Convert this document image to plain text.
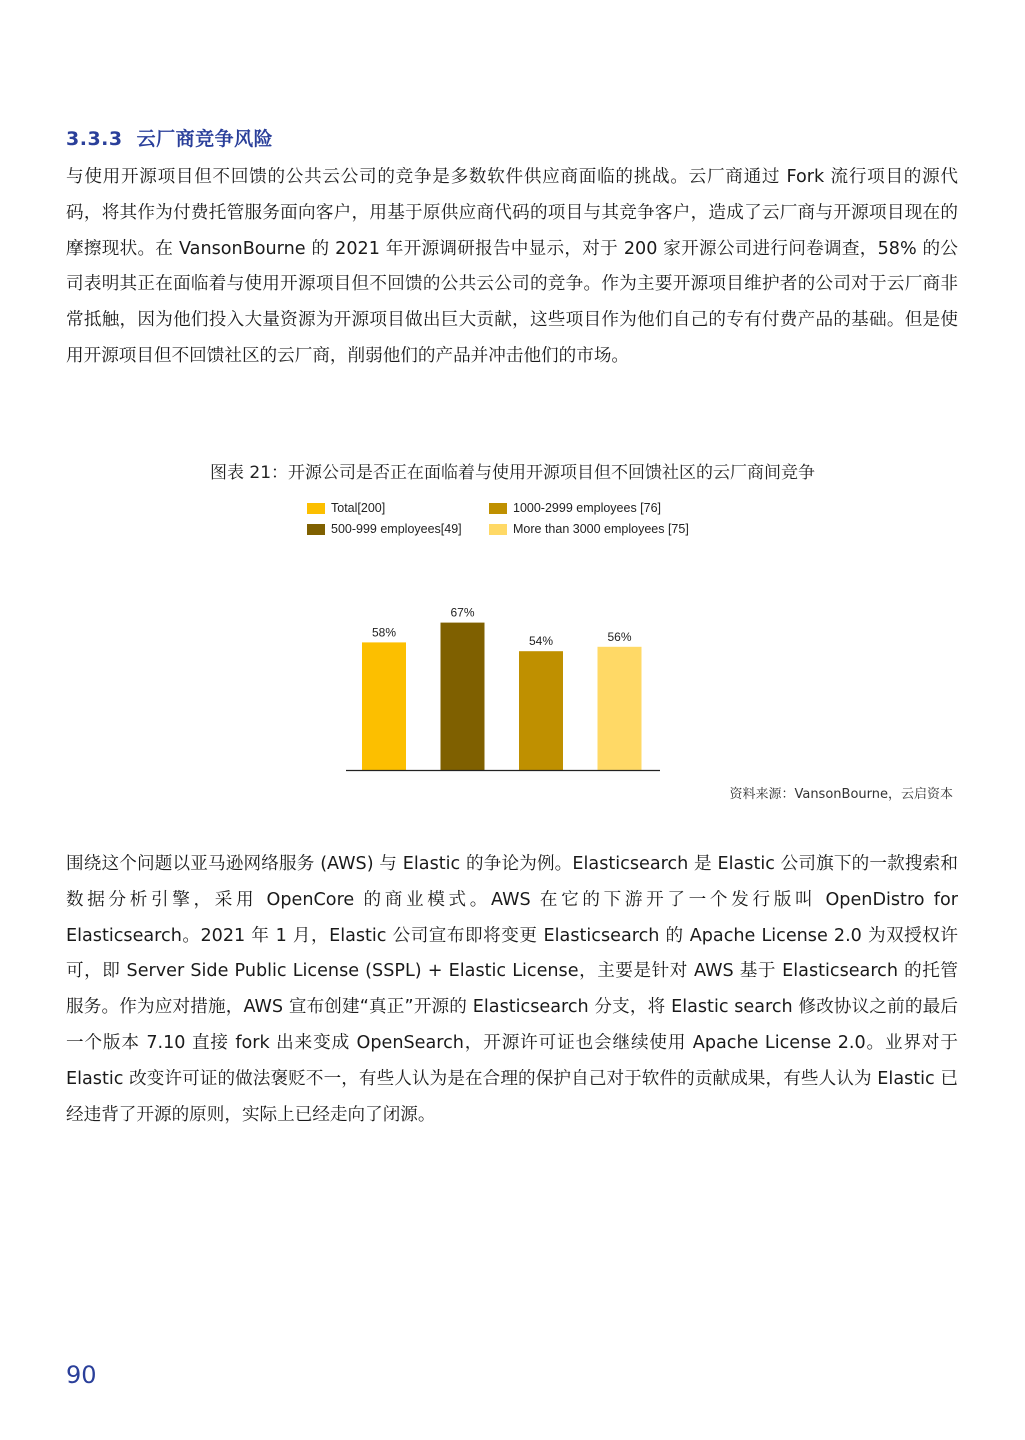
3.3.3 云厂商竞争风险

与使用开源项目但不回馈的公共云公司的竞争是多数软件供应商面临的挑战。云厂商通过 Fork 流行项目的源代码，将其作为付费托管服务面向客户，用基于原供应商代码的项目与其竞争客户，造成了云厂商与开源项目现在的摩擦现状。在 VansonBourne 的 2021 年开源调研报告中显示，对于 200 家开源公司进行问卷调查，58% 的公司表明其正在面临着与使用开源项目但不回馈的公共云公司的竞争。作为主要开源项目维护者的公司对于云厂商非常抵触，因为他们投入大量资源为开源项目做出巨大贡献，这些项目作为他们自己的专有付费产品的基础。但是使用开源项目但不回馈社区的云厂商，削弱他们的产品并冲击他们的市场。

图表 21：开源公司是否正在面临着与使用开源项目但不回馈社区的云厂商间竞争
Total[200]	1000-2999 employees [76]
500-999 employees[49]	More than 3000 employees [75]
58%
67%
54%	56%
资料来源：VansonBourne，云启资本

围绕这个问题以亚马逊网络服务 (AWS) 与 Elastic 的争论为例。Elasticsearch 是 Elastic 公司旗下的一款搜索和数据分析引擎，采用 OpenCore 的商业模式。AWS 在它的下游开了一个发行版叫 OpenDistro for Elasticsearch。2021 年 1 月，Elastic 公司宣布即将变更 Elasticsearch 的 Apache License 2.0 为双授权许可，即 Server Side Public License (SSPL) + Elastic License，主要是针对 AWS 基于 Elasticsearch 的托管服务。作为应对措施，AWS 宣布创建“真正”开源的 Elasticsearch 分支，将 Elastic search 修改协议之前的最后一个版本 7.10 直接 fork 出来变成 OpenSearch，开源许可证也会继续使用 Apache License 2.0。业界对于 Elastic 改变许可证的做法褒贬不一，有些人认为是在合理的保护自己对于软件的贡献成果，有些人认为 Elastic 已经违背了开源的原则，实际上已经走向了闭源。

90
